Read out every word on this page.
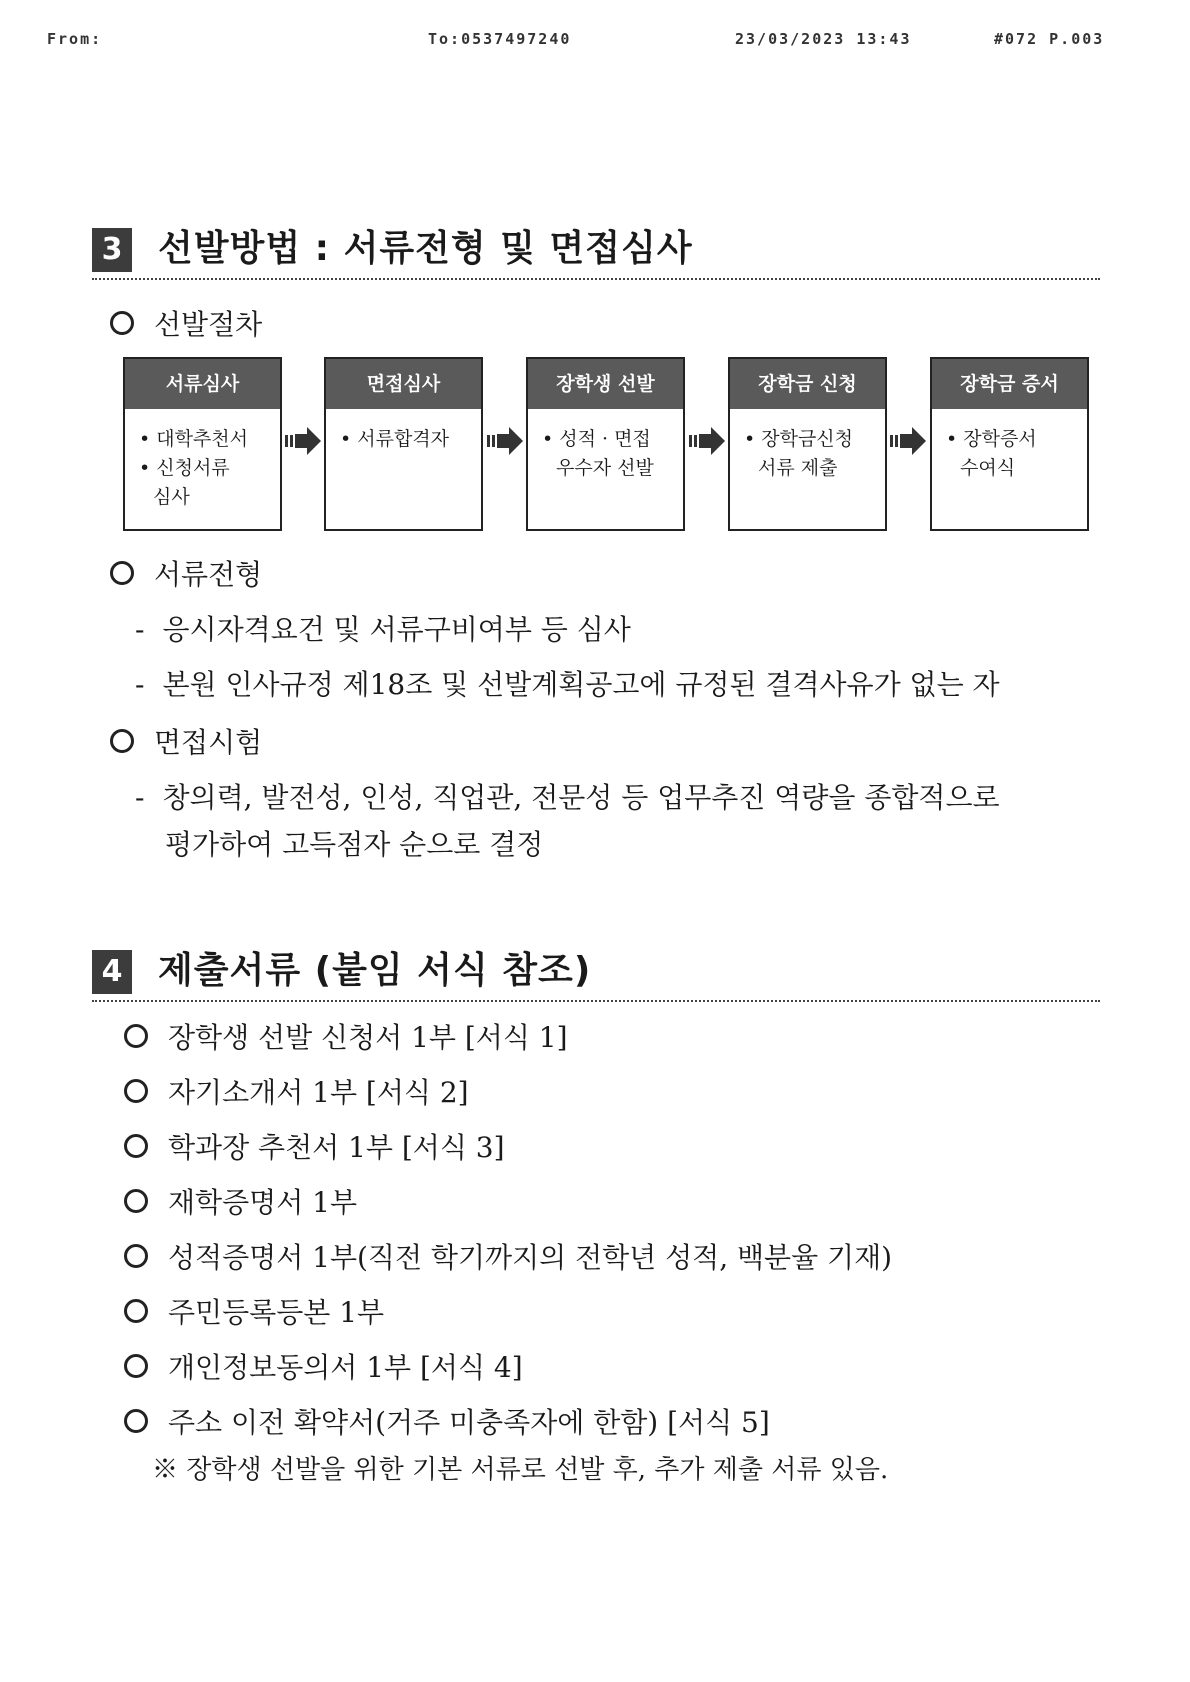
From:	To:0537497240	23/03/2023 13:43	#072 P.003
3 선발방법 : 서류전형 및 면접심사
선발절차
서류심사
• 대학추천서
• 신청서류
심사
면접심사
• 서류합격자
장학생 선발
• 성적 · 면접
우수자 선발
장학금 신청
• 장학금신청
서류 제출
장학금 증서
• 장학증서
수여식
서류전형
- 응시자격요건 및 서류구비여부 등 심사
- 본원 인사규정 제18조 및 선발계획공고에 규정된 결격사유가 없는 자
면접시험
- 창의력, 발전성, 인성, 직업관, 전문성 등 업무추진 역량을 종합적으로
평가하여 고득점자 순으로 결정
4 제출서류 (붙임 서식 참조)
장학생 선발 신청서 1부 [서식 1]
자기소개서 1부 [서식 2]
학과장 추천서 1부 [서식 3]
재학증명서 1부
성적증명서 1부(직전 학기까지의 전학년 성적, 백분율 기재)
주민등록등본 1부
개인정보동의서 1부 [서식 4]
주소 이전 확약서(거주 미충족자에 한함) [서식 5]
※ 장학생 선발을 위한 기본 서류로 선발 후, 추가 제출 서류 있음.
